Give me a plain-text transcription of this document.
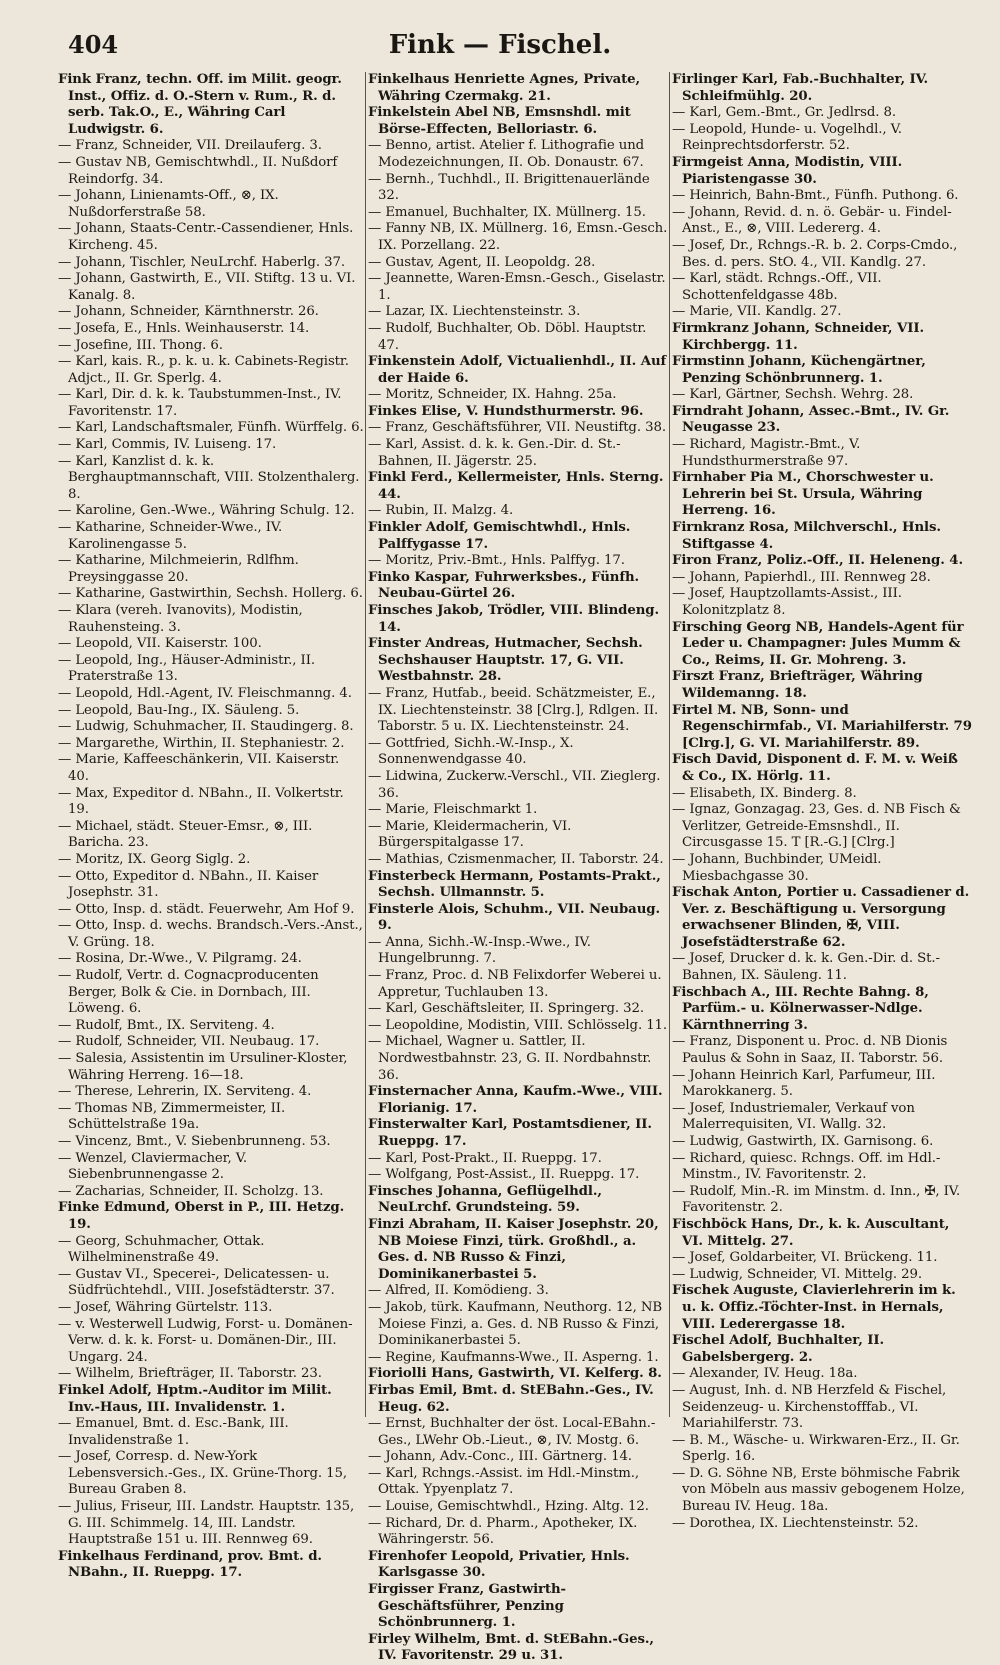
404	Fink — Fischel.

Fink Franz, techn. Off. im Milit. geogr. Inst., Offiz. d. O.-Stern v. Rum., R. d. serb. Tak.O., E., Währing Carl Ludwigstr. 6.

— Franz, Schneider, VII. Dreilauferg. 3.

— Gustav NB, Gemischtwhdl., II. Nußdorf Reindorfg. 34.

— Johann, Linienamts-Off., ⊗, IX. Nußdorferstraße 58.

— Johann, Staats-Centr.-Cassendiener, Hnls. Kircheng. 45.

— Johann, Tischler, NeuLrchf. Haberlg. 37.

— Johann, Gastwirth, E., VII. Stiftg. 13 u. VI. Kanalg. 8.

— Johann, Schneider, Kärnthnerstr. 26.

— Josefa, E., Hnls. Weinhauserstr. 14.

— Josefine, III. Thong. 6.

— Karl, kais. R., p. k. u. k. Cabinets-Registr. Adjct., II. Gr. Sperlg. 4.

— Karl, Dir. d. k. k. Taubstummen-Inst., IV. Favoritenstr. 17.

— Karl, Landschaftsmaler, Fünfh. Würffelg. 6.

— Karl, Commis, IV. Luiseng. 17.

— Karl, Kanzlist d. k. k. Berghauptmannschaft, VIII. Stolzenthalerg. 8.

— Karoline, Gen.-Wwe., Währing Schulg. 12.

— Katharine, Schneider-Wwe., IV. Karolinengasse 5.

— Katharine, Milchmeierin, Rdlfhm. Preysinggasse 20.

— Katharine, Gastwirthin, Sechsh. Hollerg. 6.

— Klara (vereh. Ivanovits), Modistin, Rauhensteing. 3.

— Leopold, VII. Kaiserstr. 100.

— Leopold, Ing., Häuser-Administr., II. Praterstraße 13.

— Leopold, Hdl.-Agent, IV. Fleischmanng. 4.

— Leopold, Bau-Ing., IX. Säuleng. 5.

— Ludwig, Schuhmacher, II. Staudingerg. 8.

— Margarethe, Wirthin, II. Stephaniestr. 2.

— Marie, Kaffeeschänkerin, VII. Kaiserstr. 40.

— Max, Expeditor d. NBahn., II. Volkertstr. 19.

— Michael, städt. Steuer-Emsr., ⊗, III. Baricha. 23.

— Moritz, IX. Georg Siglg. 2.

— Otto, Expeditor d. NBahn., II. Kaiser Josephstr. 31.

— Otto, Insp. d. städt. Feuerwehr, Am Hof 9.

— Otto, Insp. d. wechs. Brandsch.-Vers.-Anst., V. Grüng. 18.

— Rosina, Dr.-Wwe., V. Pilgramg. 24.

— Rudolf, Vertr. d. Cognacproducenten Berger, Bolk & Cie. in Dornbach, III. Löweng. 6.

— Rudolf, Bmt., IX. Serviteng. 4.

— Rudolf, Schneider, VII. Neubaug. 17.

— Salesia, Assistentin im Ursuliner-Kloster, Währing Herreng. 16—18.

— Therese, Lehrerin, IX. Serviteng. 4.

— Thomas NB, Zimmermeister, II. Schüttelstraße 19a.

— Vincenz, Bmt., V. Siebenbrunneng. 53.

— Wenzel, Claviermacher, V. Siebenbrunnengasse 2.

— Zacharias, Schneider, II. Scholzg. 13.

Finke Edmund, Oberst in P., III. Hetzg. 19.

— Georg, Schuhmacher, Ottak. Wilhelminenstraße 49.

— Gustav VI., Specerei-, Delicatessen- u. Südfrüchtehdl., VIII. Josefstädterstr. 37.

— Josef, Währing Gürtelstr. 113.

— v. Westerwell Ludwig, Forst- u. Domänen-Verw. d. k. k. Forst- u. Domänen-Dir., III. Ungarg. 24.

— Wilhelm, Briefträger, II. Taborstr. 23.

Finkel Adolf, Hptm.-Auditor im Milit. Inv.-Haus, III. Invalidenstr. 1.

— Emanuel, Bmt. d. Esc.-Bank, III. Invalidenstraße 1.

— Josef, Corresp. d. New-York Lebensversich.-Ges., IX. Grüne-Thorg. 15, Bureau Graben 8.

— Julius, Friseur, III. Landstr. Hauptstr. 135, G. III. Schimmelg. 14, III. Landstr. Hauptstraße 151 u. III. Rennweg 69.

Finkelhaus Ferdinand, prov. Bmt. d. NBahn., II. Rueppg. 17.

Finkelhaus Henriette Agnes, Private, Währing Czermakg. 21.

Finkelstein Abel NB, Emsnshdl. mit Börse-Effecten, Belloriastr. 6.

— Benno, artist. Atelier f. Lithografie und Modezeichnungen, II. Ob. Donaustr. 67.

— Bernh., Tuchhdl., II. Brigittenauerlände 32.

— Emanuel, Buchhalter, IX. Müllnerg. 15.

— Fanny NB, IX. Müllnerg. 16, Emsn.-Gesch. IX. Porzellang. 22.

— Gustav, Agent, II. Leopoldg. 28.

— Jeannette, Waren-Emsn.-Gesch., Giselastr. 1.

— Lazar, IX. Liechtensteinstr. 3.

— Rudolf, Buchhalter, Ob. Döbl. Hauptstr. 47.

Finkenstein Adolf, Victualienhdl., II. Auf der Haide 6.

— Moritz, Schneider, IX. Hahng. 25a.

Finkes Elise, V. Hundsthurmerstr. 96.

— Franz, Geschäftsführer, VII. Neustiftg. 38.

— Karl, Assist. d. k. k. Gen.-Dir. d. St.-Bahnen, II. Jägerstr. 25.

Finkl Ferd., Kellermeister, Hnls. Sterng. 44.

— Rubin, II. Malzg. 4.

Finkler Adolf, Gemischtwhdl., Hnls. Palffygasse 17.

— Moritz, Priv.-Bmt., Hnls. Palffyg. 17.

Finko Kaspar, Fuhrwerksbes., Fünfh. Neubau-Gürtel 26.

Finsches Jakob, Trödler, VIII. Blindeng. 14.

Finster Andreas, Hutmacher, Sechsh. Sechshauser Hauptstr. 17, G. VII. Westbahnstr. 28.

— Franz, Hutfab., beeid. Schätzmeister, E., IX. Liechtensteinstr. 38 [Clrg.], Rdlgen. II. Taborstr. 5 u. IX. Liechtensteinstr. 24.

— Gottfried, Sichh.-W.-Insp., X. Sonnenwendgasse 40.

— Lidwina, Zuckerw.-Verschl., VII. Zieglerg. 36.

— Marie, Fleischmarkt 1.

— Marie, Kleidermacherin, VI. Bürgerspitalgasse 17.

— Mathias, Czismenmacher, II. Taborstr. 24.

Finsterbeck Hermann, Postamts-Prakt., Sechsh. Ullmannstr. 5.

Finsterle Alois, Schuhm., VII. Neubaug. 9.

— Anna, Sichh.-W.-Insp.-Wwe., IV. Hungelbrunng. 7.

— Franz, Proc. d. NB Felixdorfer Weberei u. Appretur, Tuchlauben 13.

— Karl, Geschäftsleiter, II. Springerg. 32.

— Leopoldine, Modistin, VIII. Schlösselg. 11.

— Michael, Wagner u. Sattler, II. Nordwestbahnstr. 23, G. II. Nordbahnstr. 36.

Finsternacher Anna, Kaufm.-Wwe., VIII. Florianig. 17.

Finsterwalter Karl, Postamtsdiener, II. Rueppg. 17.

— Karl, Post-Prakt., II. Rueppg. 17.

— Wolfgang, Post-Assist., II. Rueppg. 17.

Finsches Johanna, Geflügelhdl., NeuLrchf. Grundsteing. 59.

Finzi Abraham, II. Kaiser Josephstr. 20, NB Moiese Finzi, türk. Großhdl., a. Ges. d. NB Russo & Finzi, Dominikanerbastei 5.

— Alfred, II. Komödieng. 3.

— Jakob, türk. Kaufmann, Neuthorg. 12, NB Moiese Finzi, a. Ges. d. NB Russo & Finzi, Dominikanerbastei 5.

— Regine, Kaufmanns-Wwe., II. Asperng. 1.

Fioriolli Hans, Gastwirth, VI. Kelferg. 8.

Firbas Emil, Bmt. d. StEBahn.-Ges., IV. Heug. 62.

— Ernst, Buchhalter der öst. Local-EBahn.-Ges., LWehr Ob.-Lieut., ⊗, IV. Mostg. 6.

— Johann, Adv.-Conc., III. Gärtnerg. 14.

— Karl, Rchngs.-Assist. im Hdl.-Minstm., Ottak. Ypyenplatz 7.

— Louise, Gemischtwhdl., Hzing. Altg. 12.

— Richard, Dr. d. Pharm., Apotheker, IX. Währingerstr. 56.

Firenhofer Leopold, Privatier, Hnls. Karlsgasse 30.

Firgisser Franz, Gastwirth-Geschäftsführer, Penzing Schönbrunnerg. 1.

Firley Wilhelm, Bmt. d. StEBahn.-Ges., IV. Favoritenstr. 29 u. 31.

Firlinger Karl, Fab.-Buchhalter, IV. Schleifmühlg. 20.

— Karl, Gem.-Bmt., Gr. Jedlrsd. 8.

— Leopold, Hunde- u. Vogelhdl., V. Reinprechtsdorferstr. 52.

Firmgeist Anna, Modistin, VIII. Piaristengasse 30.

— Heinrich, Bahn-Bmt., Fünfh. Puthong. 6.

— Johann, Revid. d. n. ö. Gebär- u. Findel-Anst., E., ⊗, VIII. Ledererg. 4.

— Josef, Dr., Rchngs.-R. b. 2. Corps-Cmdo., Bes. d. pers. StO. 4., VII. Kandlg. 27.

— Karl, städt. Rchngs.-Off., VII. Schottenfeldgasse 48b.

— Marie, VII. Kandlg. 27.

Firmkranz Johann, Schneider, VII. Kirchbergg. 11.

Firmstinn Johann, Küchengärtner, Penzing Schönbrunnerg. 1.

— Karl, Gärtner, Sechsh. Wehrg. 28.

Firndraht Johann, Assec.-Bmt., IV. Gr. Neugasse 23.

— Richard, Magistr.-Bmt., V. Hundsthurmerstraße 97.

Firnhaber Pia M., Chorschwester u. Lehrerin bei St. Ursula, Währing Herreng. 16.

Firnkranz Rosa, Milchverschl., Hnls. Stiftgasse 4.

Firon Franz, Poliz.-Off., II. Heleneng. 4.

— Johann, Papierhdl., III. Rennweg 28.

— Josef, Hauptzollamts-Assist., III. Kolonitzplatz 8.

Firsching Georg NB, Handels-Agent für Leder u. Champagner: Jules Mumm & Co., Reims, II. Gr. Mohreng. 3.

Firszt Franz, Briefträger, Währing Wildemanng. 18.

Firtel M. NB, Sonn- und Regenschirmfab., VI. Mariahilferstr. 79 [Clrg.], G. VI. Mariahilferstr. 89.

Fisch David, Disponent d. F. M. v. Weiß & Co., IX. Hörlg. 11.

— Elisabeth, IX. Binderg. 8.

— Ignaz, Gonzagag. 23, Ges. d. NB Fisch & Verlitzer, Getreide-Emsnshdl., II. Circusgasse 15. T [R.-G.] [Clrg.]

— Johann, Buchbinder, UMeidl. Miesbachgasse 30.

Fischak Anton, Portier u. Cassadiener d. Ver. z. Beschäftigung u. Versorgung erwachsener Blinden, ✠, VIII. Josefstädterstraße 62.

— Josef, Drucker d. k. k. Gen.-Dir. d. St.-Bahnen, IX. Säuleng. 11.

Fischbach A., III. Rechte Bahng. 8, Parfüm.- u. Kölnerwasser-Ndlge. Kärnthnerring 3.

— Franz, Disponent u. Proc. d. NB Dionis Paulus & Sohn in Saaz, II. Taborstr. 56.

— Johann Heinrich Karl, Parfumeur, III. Marokkanerg. 5.

— Josef, Industriemaler, Verkauf von Malerrequisiten, VI. Wallg. 32.

— Ludwig, Gastwirth, IX. Garnisong. 6.

— Richard, quiesc. Rchngs. Off. im Hdl.-Minstm., IV. Favoritenstr. 2.

— Rudolf, Min.-R. im Minstm. d. Inn., ✠, IV. Favoritenstr. 2.

Fischböck Hans, Dr., k. k. Auscultant, VI. Mittelg. 27.

— Josef, Goldarbeiter, VI. Brückeng. 11.

— Ludwig, Schneider, VI. Mittelg. 29.

Fischek Auguste, Clavierlehrerin im k. u. k. Offiz.-Töchter-Inst. in Hernals, VIII. Lederergasse 18.

Fischel Adolf, Buchhalter, II. Gabelsbergerg. 2.

— Alexander, IV. Heug. 18a.

— August, Inh. d. NB Herzfeld & Fischel, Seidenzeug- u. Kirchenstofffab., VI. Mariahilferstr. 73.

— B. M., Wäsche- u. Wirkwaren-Erz., II. Gr. Sperlg. 16.

— D. G. Söhne NB, Erste böhmische Fabrik von Möbeln aus massiv gebogenem Holze, Bureau IV. Heug. 18a.

— Dorothea, IX. Liechtensteinstr. 52.
